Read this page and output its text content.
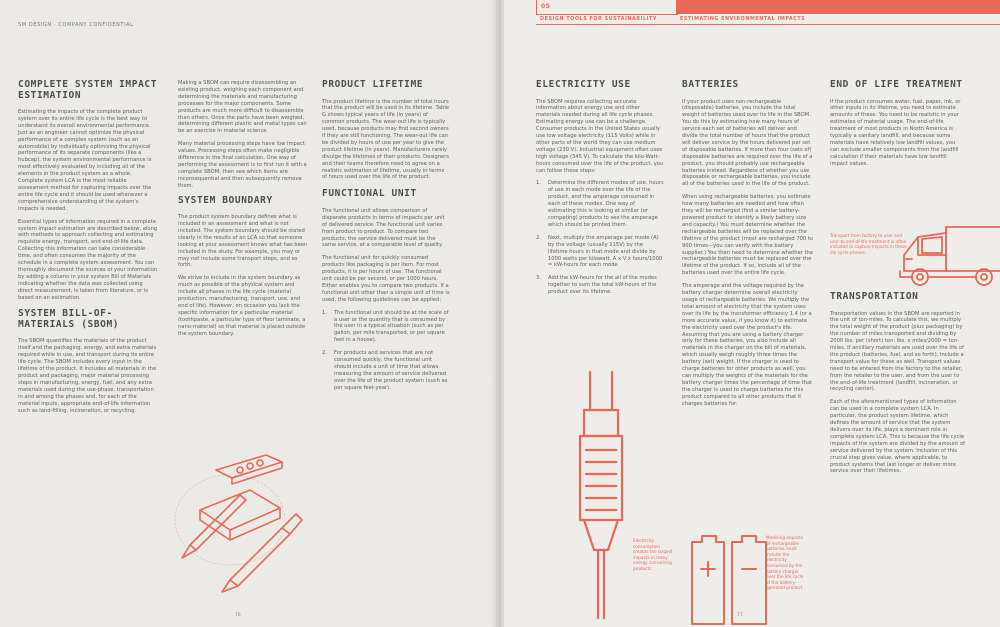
SM DESIGN · COMPANY CONFIDENTIAL
COMPLETE SYSTEM IMPACT ESTIMATION

Estimating the impacts of the complete product system over its entire life cycle is the best way to understand its overall environmental performance. Just as an engineer cannot optimize the physical performance of a complex system (such as an automobile) by individually optimizing the physical performance of its separate components (like a hubcap), the system environmental performance is most effectively evaluated by including all of the elements in the product system as a whole. Complete system LCA is the most reliable assessment method for capturing impacts over the entire life cycle and it should be used whenever a comprehensive understanding of the system's impacts is needed.

Essential types of information required in a complete system impact estimation are described below, along with methods to approach collecting and estimating requisite energy, transport, and end-of-life data. Collecting this information can take considerable time, and often consumes the majority of the schedule in a complete system assessment. You can thoroughly document the sources of your information by adding a column in your system Bill of Materials indicating whether the data was collected using direct measurement, is taken from literature, or is based on an estimation.

SYSTEM BILL-OF-MATERIALS (SBOM)

The SBOM quantifies the materials of the product itself and the packaging, energy, and extra materials required while in use, and transport during its entire life cycle. The SBOM includes every input in the lifetime of the product. It includes all materials in the product and packaging, major material processing steps in manufacturing, energy, fuel, and any extra materials used during the use-phase, transportation in and among the phases and, for each of the material inputs, appropriate end-of-life information such as land-filling, incineration, or recycling.

Making a SBOM can require disassembling an existing product, weighing each component and determining the materials and manufacturing processes for the major components. Some products are much more difficult to disassemble than others. Once the parts have been weighed, determining different plastic and metal types can be an exercise in material science.

Many material processing steps have low impact values. Processing steps often make negligible difference in the final calculation. One way of performing the assessment is to first run it with a complete SBOM, then see which items are inconsequential and then subsequently remove them.

SYSTEM BOUNDARY

The product system boundary defines what is included in an assessment and what is not included. The system boundary should be stated clearly in the results of an LCA so that someone looking at your assessment knows what has been included in the study. For example, you may or may not include some transport steps, and so forth.

We strive to include in the system boundary as much as possible of the physical system and include all phases in the life cycle (material production, manufacturing, transport, use, and end of life). However, on occasion you lack the specific information for a particular material (toothpaste, a particular type of floor laminate, a nano-material) so that material is placed outside the system boundary.

PRODUCT LIFETIME

The product lifetime is the number of total hours that the product will be used in its lifetime. Table G shows typical years of life (in years) of common products. The wear-out life is typically used, because products may find second owners if they are still functioning. The wear-out life can be divided by hours of use per year to give the product lifetime (in years). Manufacturers rarely divulge the lifetimes of their products. Designers and their teams therefore need to agree on a realistic estimation of lifetime, usually in terms of hours used over the life of the product.

FUNCTIONAL UNIT

The functional unit allows comparison of disparate products in terms of impacts per unit of delivered service. The functional unit varies from product to product. To compare two products, the service delivered must be the same service, at a comparable level of quality.

The functional unit for quickly consumed products like packaging is per item. For most products, it is per hours of use. The functional unit could be per second, or per 1000 hours. Either enables you to compare two products. If a functional unit other than a simple unit of time is used, the following guidelines can be applied:

1. The functional unit should be at the scale of a user or the quantity that is consumed by the user in a typical situation (such as per gallon, per mile transported, or per square feet in a house).
2. For products and services that are not consumed quickly, the functional unit should include a unit of time that allows measuring the amount of service delivered over the life of the product system (such as per square feet-year).
76
05
DESIGN TOOLS FOR SUSTAINABILITY	ESTIMATING ENVIRONMENTAL IMPACTS
ELECTRICITY USE

The SBOM requires collecting accurate information about energy use and other materials needed during all life cycle phases. Estimating energy use can be a challenge. Consumer products in the United States usually use low voltage electricity (115 Volts) while in other parts of the world they can use medium voltage (230 V). Industrial equipment often uses high voltage (345 V). To calculate the kilo-Watt-hours consumed over the life of the product, you can follow these steps:

1. Determine the different modes of use, hours of use in each mode over the life of the product, and the amperage consumed in each of these modes. One way of estimating this is looking at similar (or competing) products to see the amperage which should be printed them.
2. Next, multiply the amperage per mode (A) by the voltage (usually 115V) by the lifetime hours in that mode and divide by 1000 watts per kilowatt. A x V x hours/1000 = kW-hours for each mode
3. Add the kW-hours for the all of the modes together to sum the total kW-hours of the product over its lifetime.
Electricity consumption creates the largest impacts in many energy consuming products.
BATTERIES

If your product uses non-rechargeable (disposable) batteries, you include the total weight of batteries used over its life in the SBOM. You do this by estimating how many hours of service each set of batteries will deliver and divide the total number of hours that the product will deliver service by the hours delivered per set of disposable batteries. If more than four (sets of) disposable batteries are required over the life of a product, you should probably use rechargeable batteries instead. Regardless of whether you use disposable or rechargeable batteries, you include all of the batteries used in the life of the product.

When using rechargeable batteries, you estimate how many batteries are needed and how often they will be recharged (find a similar battery-powered product to identify a likely battery size and capacity.) You must determine whether the rechargeable batteries will be replaced over the lifetime of the product (most are recharged 700 to 900 times—you can verify with the battery supplier.) You then need to determine whether the rechargeable batteries must be replaced over the lifetime of the product. If so, include all of the batteries used over the entire life cycle.

The amperage and the voltage required by the battery charger determine overall electricity usage of rechargeable batteries. We multiply the total amount of electricity that the system uses over its life by the transformer efficiency 1.4 (or a more accurate value, if you know it) to estimate the electricity used over the product's life. Assuming that you are using a battery charger only for these batteries, you also include all materials in the charger on the bill of materials, which usually weigh roughly three times the battery (set) weight. If the charger is used to charge batteries for other products as well, you can multiply the weights of the materials for the battery charger times the percentage of time that the charger is used to charge batteries for this product compared to all other products that it charges batteries for.

Modeling impacts of rechargeable batteries must include the electricity consumed by the battery charger over the life cycle of the battery-operated product.
END OF LIFE TREATMENT

If the product consumes water, fuel, paper, ink, or other inputs in its lifetime, you need to estimate amounts of these. You need to be realistic in your estimates of material usage. The end-of-life treatment of most products in North America is typically a sanitary landfill, and because some materials have relatively low landfill values, you can exclude smaller components from the landfill calculation if their materials have low landfill impact values.

Transport from factory to user and user to end-of-life treatment is often included to capture impacts in these life cycle phases.
TRANSPORTATION

Transportation values in the SBOM are reported in the unit of ton-miles. To calculate this, we multiply the total weight of the product (plus packaging) by the number of miles transported and dividing by 2000 lbs. per (short) ton: lbs. x miles/2000 = ton-miles. If ancillary materials are used over the life of the product (batteries, fuel, and so forth), include a transport value for these as well. Transport values need to be entered from the factory to the retailer, from the retailer to the user, and from the user to the end-of-life treatment (landfill, incineration, or recycling center).

Each of the aforementioned types of information can be used in a complete system LCA. In particular, the product system lifetime, which defines the amount of service that the system delivers over its life, plays a dominant role in complete system LCA. This is because the life cycle impacts of the system are divided by the amount of service delivered by the system. Inclusion of this crucial step gives value, where applicable, to product systems that last longer or deliver more service over their lifetimes.

77
